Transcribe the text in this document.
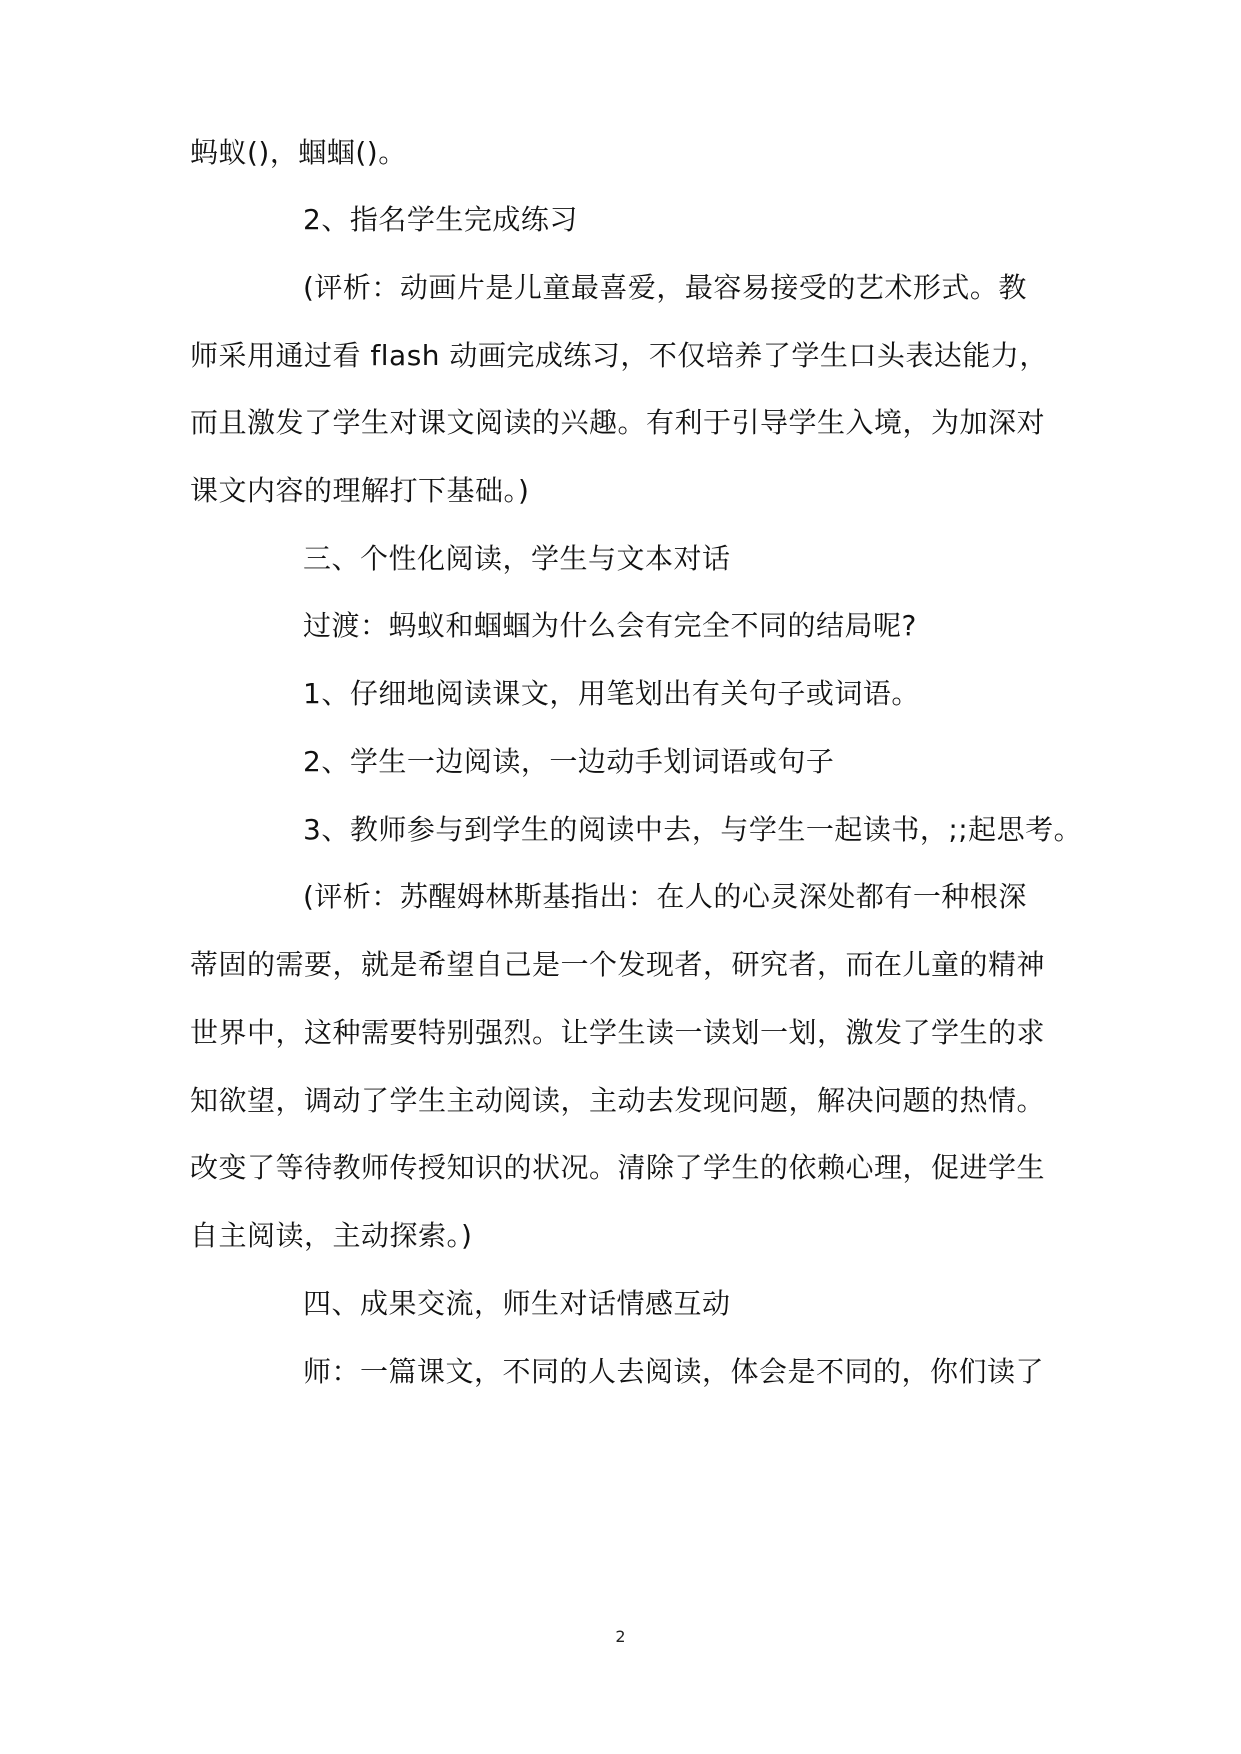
蚂蚁()，蝈蝈()。
2、指名学生完成练习
(评析：动画片是儿童最喜爱，最容易接受的艺术形式。教
师采用通过看 flash 动画完成练习，不仅培养了学生口头表达能力，
而且激发了学生对课文阅读的兴趣。有利于引导学生入境，为加深对
课文内容的理解打下基础。)
三、个性化阅读，学生与文本对话
过渡：蚂蚁和蝈蝈为什么会有完全不同的结局呢?
1、仔细地阅读课文，用笔划出有关句子或词语。
2、学生一边阅读，一边动手划词语或句子
3、教师参与到学生的阅读中去，与学生一起读书，;;起思考。
(评析：苏醒姆林斯基指出：在人的心灵深处都有一种根深
蒂固的需要，就是希望自己是一个发现者，研究者，而在儿童的精神
世界中，这种需要特别强烈。让学生读一读划一划，激发了学生的求
知欲望，调动了学生主动阅读，主动去发现问题，解决问题的热情。
改变了等待教师传授知识的状况。清除了学生的依赖心理，促进学生
自主阅读，主动探索。)
四、成果交流，师生对话情感互动
师：一篇课文，不同的人去阅读，体会是不同的，你们读了
2
